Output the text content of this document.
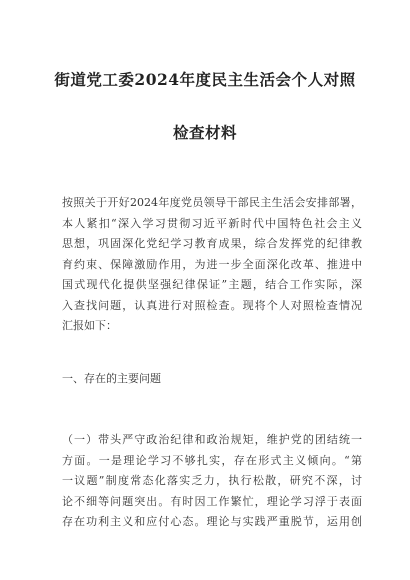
街道党工委2024年度民主生活会个人对照
检查材料
按照关于开好2024年度党员领导干部民主生活会安排部署，
本人紧扣“深入学习贯彻习近平新时代中国特色社会主义
思想，巩固深化党纪学习教育成果，综合发挥党的纪律教
育约束、保障激励作用，为进一步全面深化改革、推进中
国式现代化提供坚强纪律保证”主题，结合工作实际，深
入查找问题，认真进行对照检查。现将个人对照检查情况
汇报如下：
一、存在的主要问题
（一）带头严守政治纪律和政治规矩，维护党的团结统一
方面。一是理论学习不够扎实，存在形式主义倾向。“第
一议题”制度常态化落实乏力，执行松散，研究不深，讨
论不细等问题突出。有时因工作繁忙，理论学习浮于表面
存在功利主义和应付心态。理论与实践严重脱节，运用创
